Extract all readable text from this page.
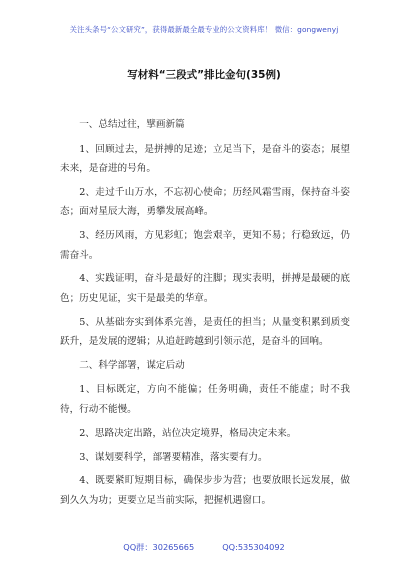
关注头条号“公文研究”，获得最新最全最专业的公文资料库！ 微信：gongwenyj
写材料“三段式”排比金句(35例)

一、总结过往，擘画新篇

1、回顾过去，是拼搏的足迹；立足当下，是奋斗的姿态；展望未来，是奋进的号角。

2、走过千山万水，不忘初心使命；历经风霜雪雨，保持奋斗姿态；面对星辰大海，勇攀发展高峰。

3、经历风雨，方见彩虹；饱尝艰辛，更知不易；行稳致远，仍需奋斗。

4、实践证明，奋斗是最好的注脚；现实表明，拼搏是最硬的底色；历史见证，实干是最美的华章。

5、从基础夯实到体系完善，是责任的担当；从量变积累到质变跃升，是发展的逻辑；从追赶跨越到引领示范，是奋斗的回响。

二、科学部署，谋定后动

1、目标既定，方向不能偏；任务明确，责任不能虚；时不我待，行动不能慢。

2、思路决定出路，站位决定境界，格局决定未来。

3、谋划要科学，部署要精准，落实要有力。

4、既要紧盯短期目标，确保步步为营；也要放眼长远发展，做到久久为功；更要立足当前实际，把握机遇窗口。

QQ群：30265665	QQ:535304092
